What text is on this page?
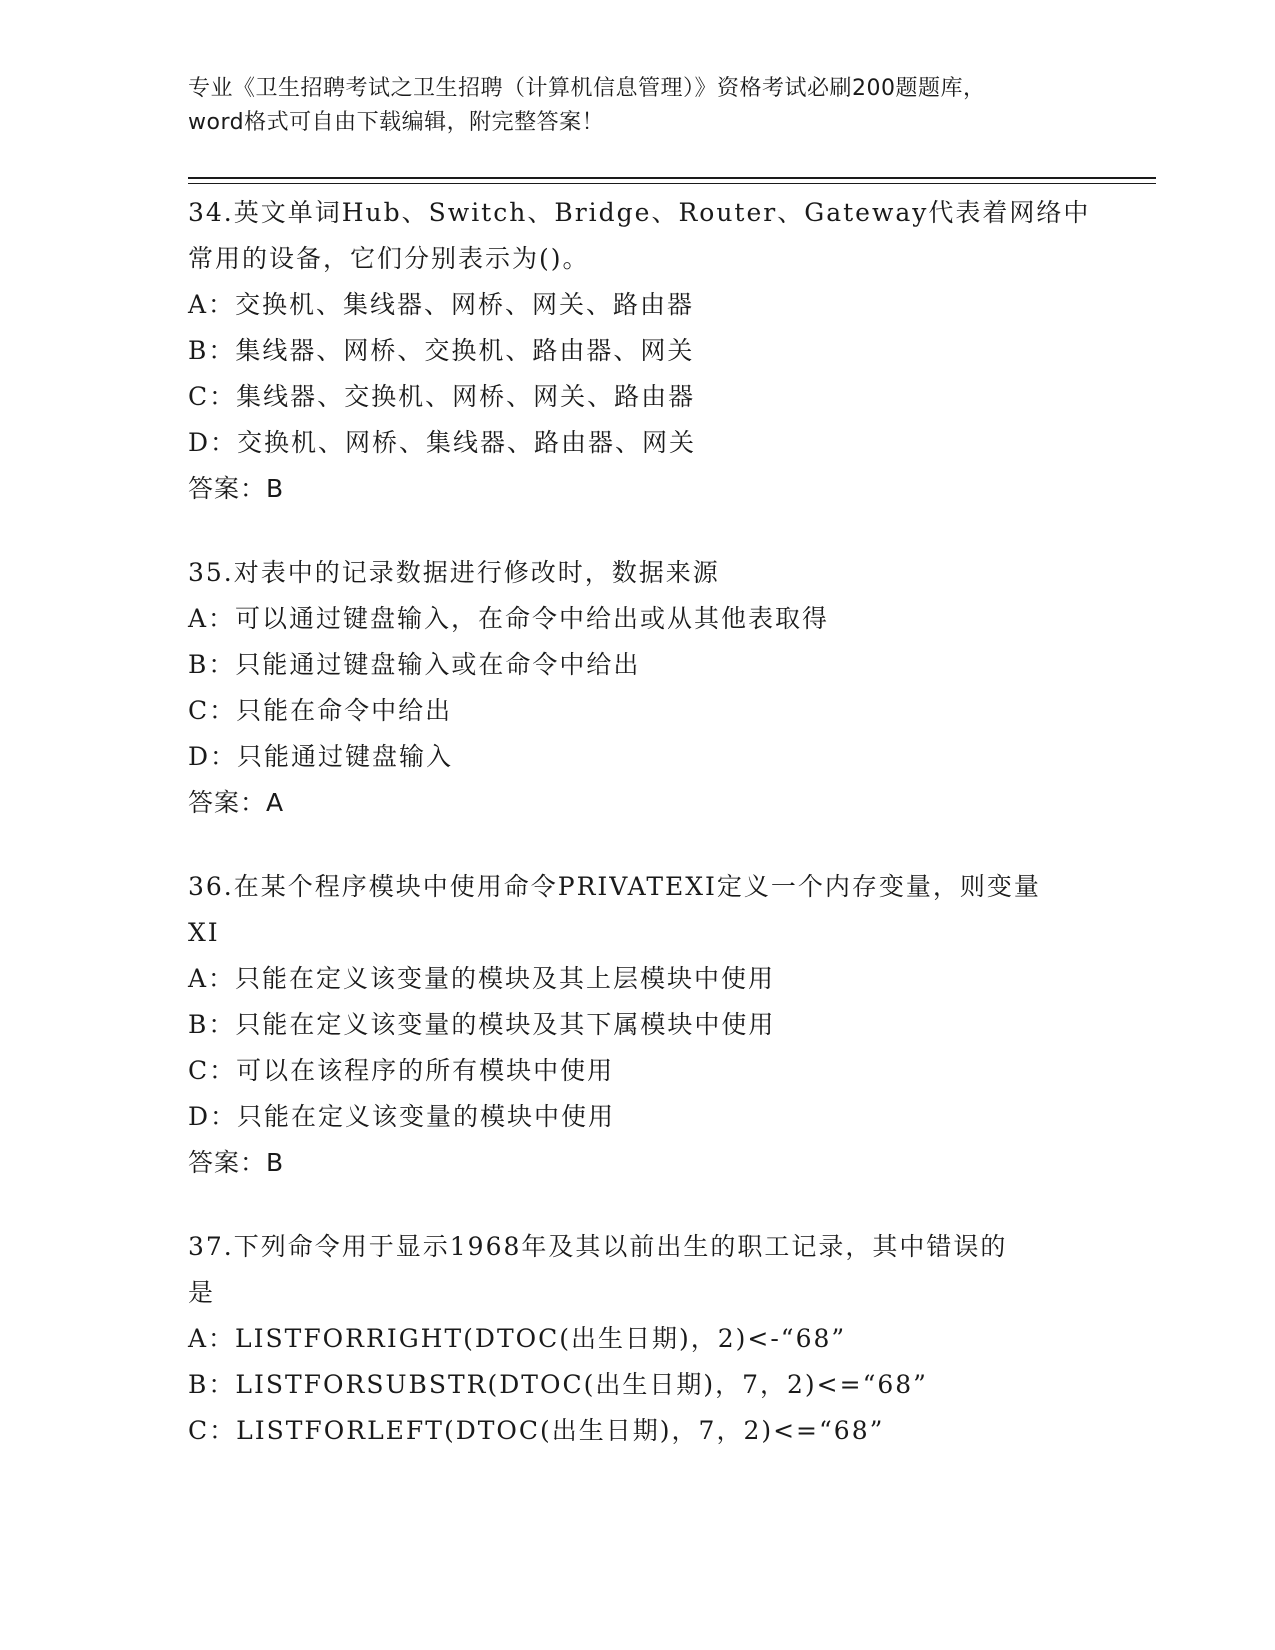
专业《卫生招聘考试之卫生招聘（计算机信息管理）》资格考试必刷200题题库，
word格式可自由下载编辑，附完整答案！
34.英文单词Hub、Switch、Bridge、Router、Gateway代表着网络中
常用的设备，它们分别表示为()。
A：交换机、集线器、网桥、网关、路由器
B：集线器、网桥、交换机、路由器、网关
C：集线器、交换机、网桥、网关、路由器
D：交换机、网桥、集线器、路由器、网关
答案：B
35.对表中的记录数据进行修改时，数据来源
A：可以通过键盘输入，在命令中给出或从其他表取得
B：只能通过键盘输入或在命令中给出
C：只能在命令中给出
D：只能通过键盘输入
答案：A
36.在某个程序模块中使用命令PRIVATEXI定义一个内存变量，则变量
XI
A：只能在定义该变量的模块及其上层模块中使用
B：只能在定义该变量的模块及其下属模块中使用
C：可以在该程序的所有模块中使用
D：只能在定义该变量的模块中使用
答案：B
37.下列命令用于显示1968年及其以前出生的职工记录，其中错误的
是
A：LISTFORRIGHT(DTOC(出生日期)，2)<-“68”
B：LISTFORSUBSTR(DTOC(出生日期)，7，2)<=“68”
C：LISTFORLEFT(DTOC(出生日期)，7，2)<=“68”
